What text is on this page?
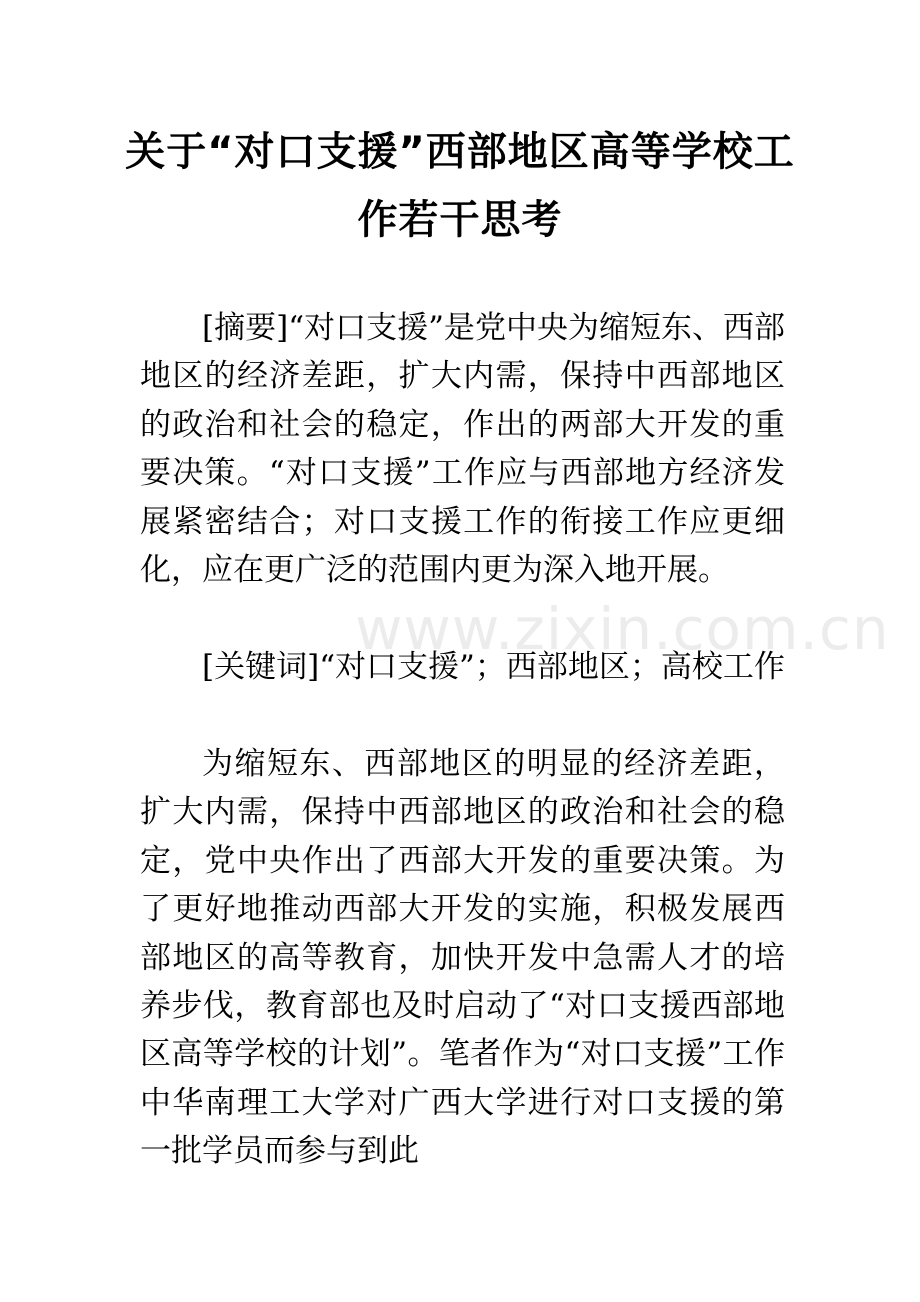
关于“对口支援”西部地区高等学校工作若干思考
www.zixin.com.cn

[摘要]“对口支援”是党中央为缩短东、西部地区的经济差距，扩大内需，保持中西部地区的政治和社会的稳定，作出的两部大开发的重要决策。“对口支援”工作应与西部地方经济发展紧密结合；对口支援工作的衔接工作应更细化，应在更广泛的范围内更为深入地开展。

[关键词]“对口支援”；西部地区；高校工作

为缩短东、西部地区的明显的经济差距，扩大内需，保持中西部地区的政治和社会的稳定，党中央作出了西部大开发的重要决策。为了更好地推动西部大开发的实施，积极发展西部地区的高等教育，加快开发中急需人才的培养步伐，教育部也及时启动了“对口支援西部地区高等学校的计划”。笔者作为“对口支援”工作中华南理工大学对广西大学进行对口支援的第一批学员而参与到此
